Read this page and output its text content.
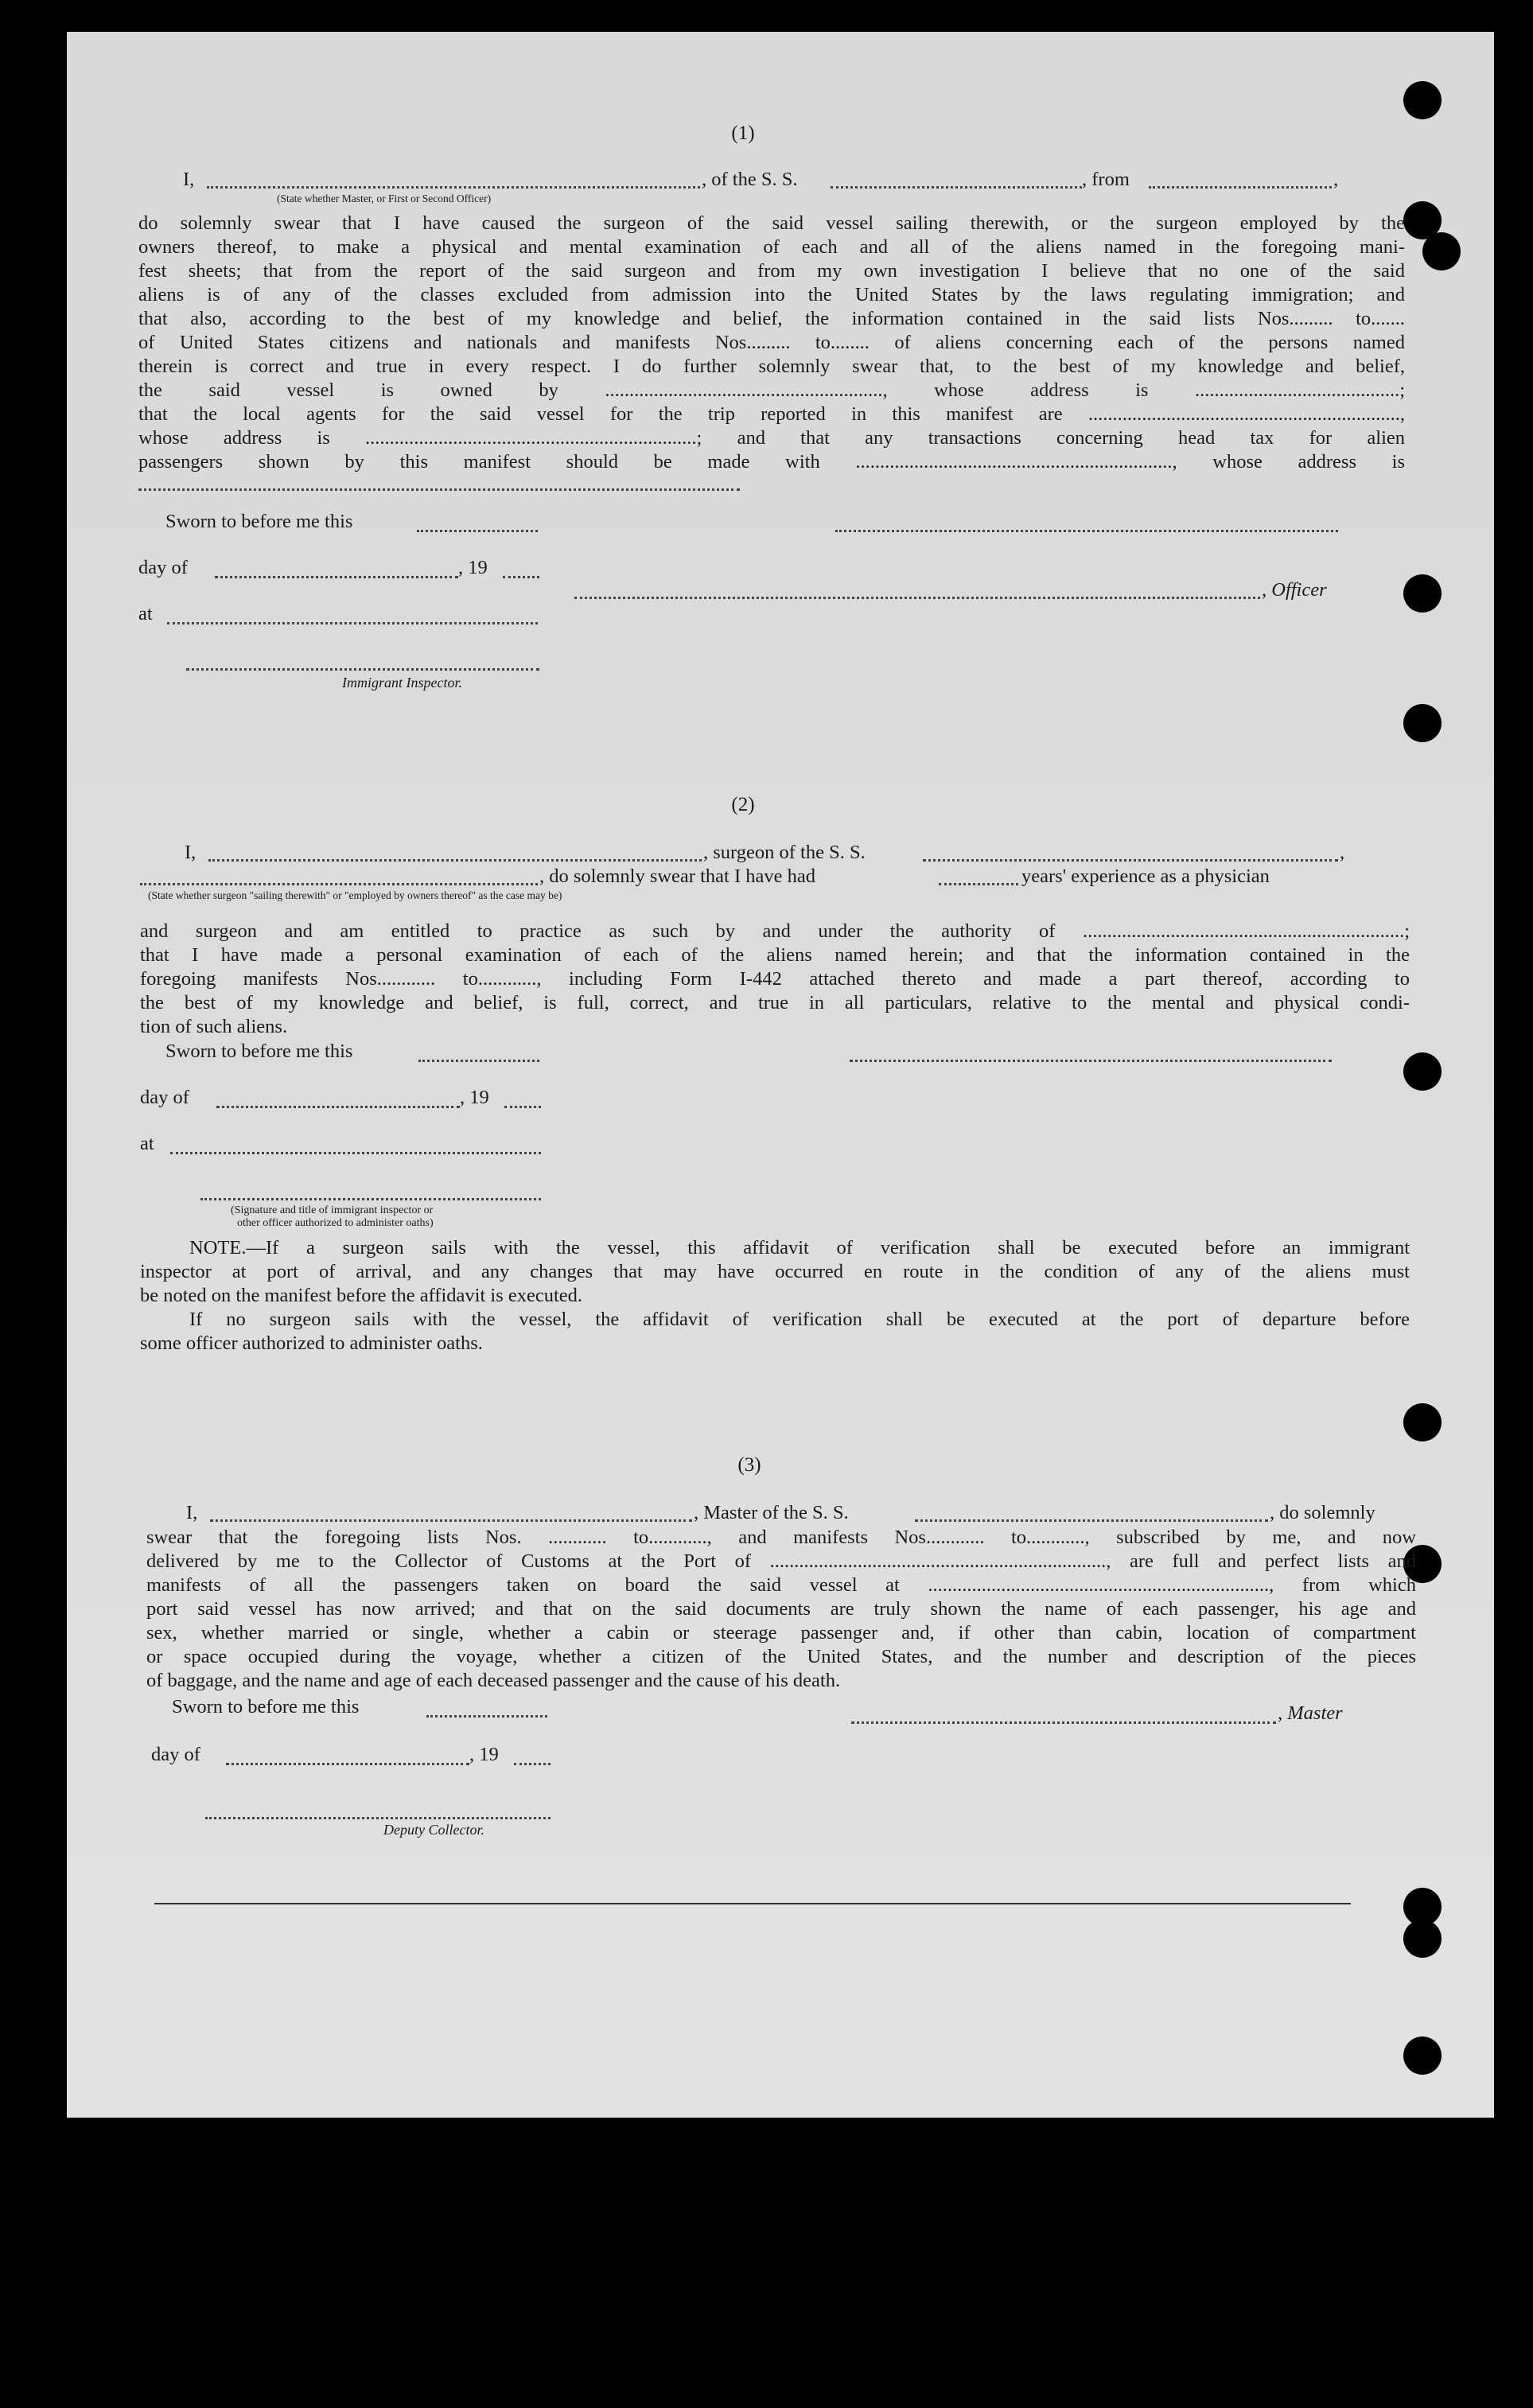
(1)
I,	, of the S. S.	, from	,
(State whether Master, or First or Second Officer)
do solemnly swear that I have caused the surgeon of the said vessel sailing therewith, or the surgeon employed by the
owners thereof, to make a physical and mental examination of each and all of the aliens named in the foregoing mani-
fest sheets; that from the report of the said surgeon and from my own investigation I believe that no one of the said
aliens is of any of the classes excluded from admission into the United States by the laws regulating immigration; and
that also, according to the best of my knowledge and belief, the information contained in the said lists Nos......... to.......
of United States citizens and nationals and manifests Nos......... to........ of aliens concerning each of the persons named
therein is correct and true in every respect. I do further solemnly swear that, to the best of my knowledge and belief,
the said vessel is owned by ........................................................., whose address is ..........................................;
that the local agents for the said vessel for the trip reported in this manifest are ................................................................,
whose address is ....................................................................; and that any transactions concerning head tax for alien
passengers shown by this manifest should be made with ................................................................., whose address is
Sworn to before me this
day of	, 19
, Officer
at
Immigrant Inspector.
(2)
I,	, surgeon of the S. S.	,
, do solemnly swear that I have had	years' experience as a physician
(State whether surgeon "sailing therewith" or "employed by owners thereof" as the case may be)
and surgeon and am entitled to practice as such by and under the authority of ..................................................................;
that I have made a personal examination of each of the aliens named herein; and that the information contained in the
foregoing manifests Nos............ to............, including Form I-442 attached thereto and made a part thereof, according to
the best of my knowledge and belief, is full, correct, and true in all particulars, relative to the mental and physical condi-
tion of such aliens.
Sworn to before me this
day of	, 19
at
(Signature and title of immigrant inspector or
other officer authorized to administer oaths)
NOTE.—If a surgeon sails with the vessel, this affidavit of verification shall be executed before an immigrant
inspector at port of arrival, and any changes that may have occurred en route in the condition of any of the aliens must
be noted on the manifest before the affidavit is executed.
If no surgeon sails with the vessel, the affidavit of verification shall be executed at the port of departure before
some officer authorized to administer oaths.
(3)
I,	, Master of the S. S.	, do solemnly
swear that the foregoing lists Nos. ............ to............, and manifests Nos............ to............, subscribed by me, and now
delivered by me to the Collector of Customs at the Port of ....................................................................., are full and perfect lists and
manifests of all the passengers taken on board the said vessel at ......................................................................, from which
port said vessel has now arrived; and that on the said documents are truly shown the name of each passenger, his age and
sex, whether married or single, whether a cabin or steerage passenger and, if other than cabin, location of compartment
or space occupied during the voyage, whether a citizen of the United States, and the number and description of the pieces
of baggage, and the name and age of each deceased passenger and the cause of his death.
Sworn to before me this	, Master
day of	, 19
Deputy Collector.
